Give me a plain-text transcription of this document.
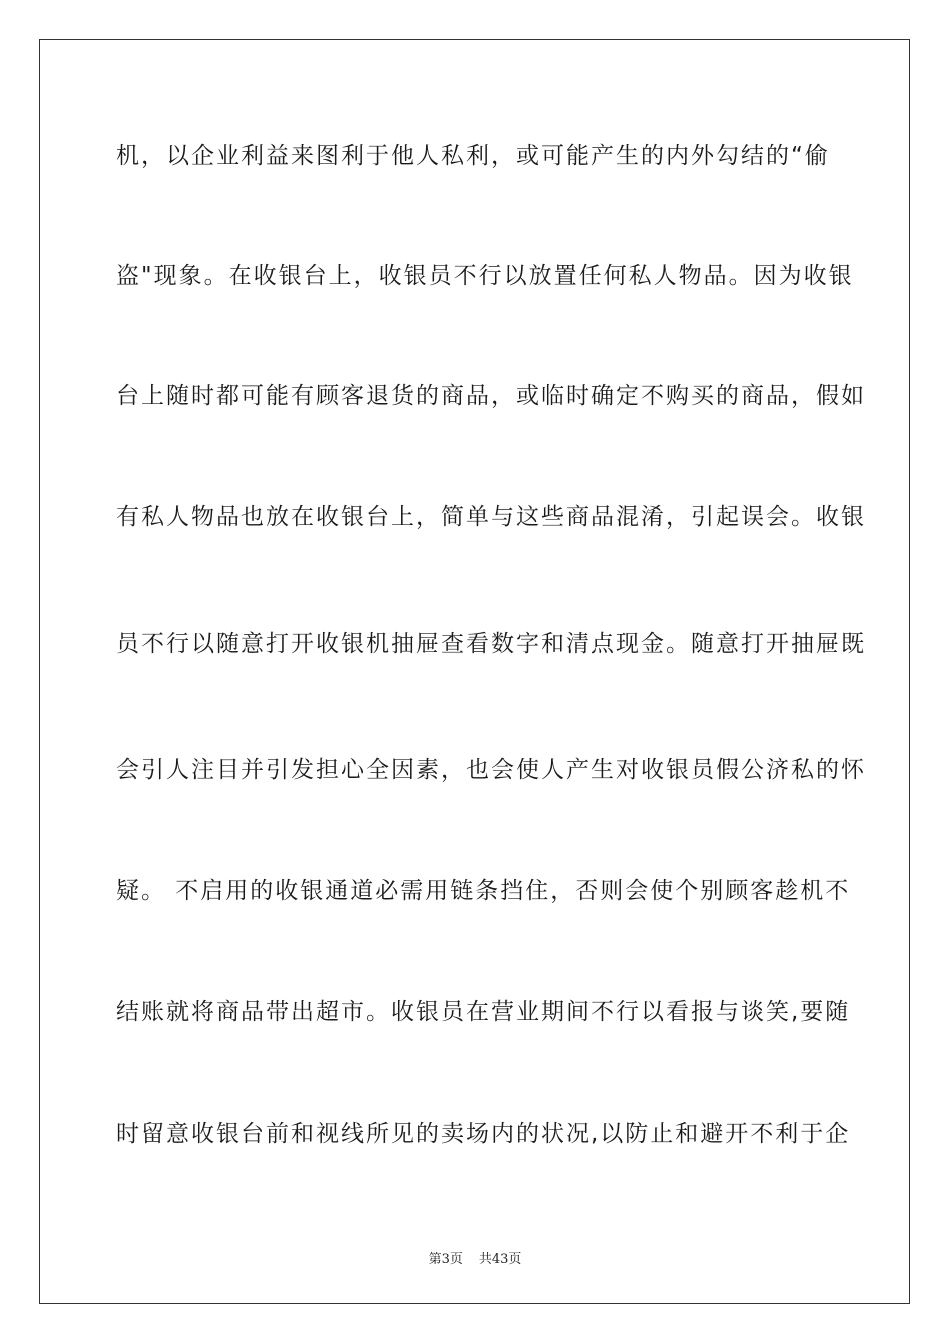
机，以企业利益来图利于他人私利，或可能产生的内外勾结的“偷
盗"现象。在收银台上，收银员不行以放置任何私人物品。因为收银
台上随时都可能有顾客退货的商品，或临时确定不购买的商品，假如
有私人物品也放在收银台上，简单与这些商品混淆，引起误会。收银
员不行以随意打开收银机抽屉查看数字和清点现金。随意打开抽屉既
会引人注目并引发担心全因素，也会使人产生对收银员假公济私的怀
疑。 不启用的收银通道必需用链条挡住，否则会使个别顾客趁机不
结账就将商品带出超市。收银员在营业期间不行以看报与谈笑,要随
时留意收银台前和视线所见的卖场内的状况,以防止和避开不利于企
第3页 共43页
